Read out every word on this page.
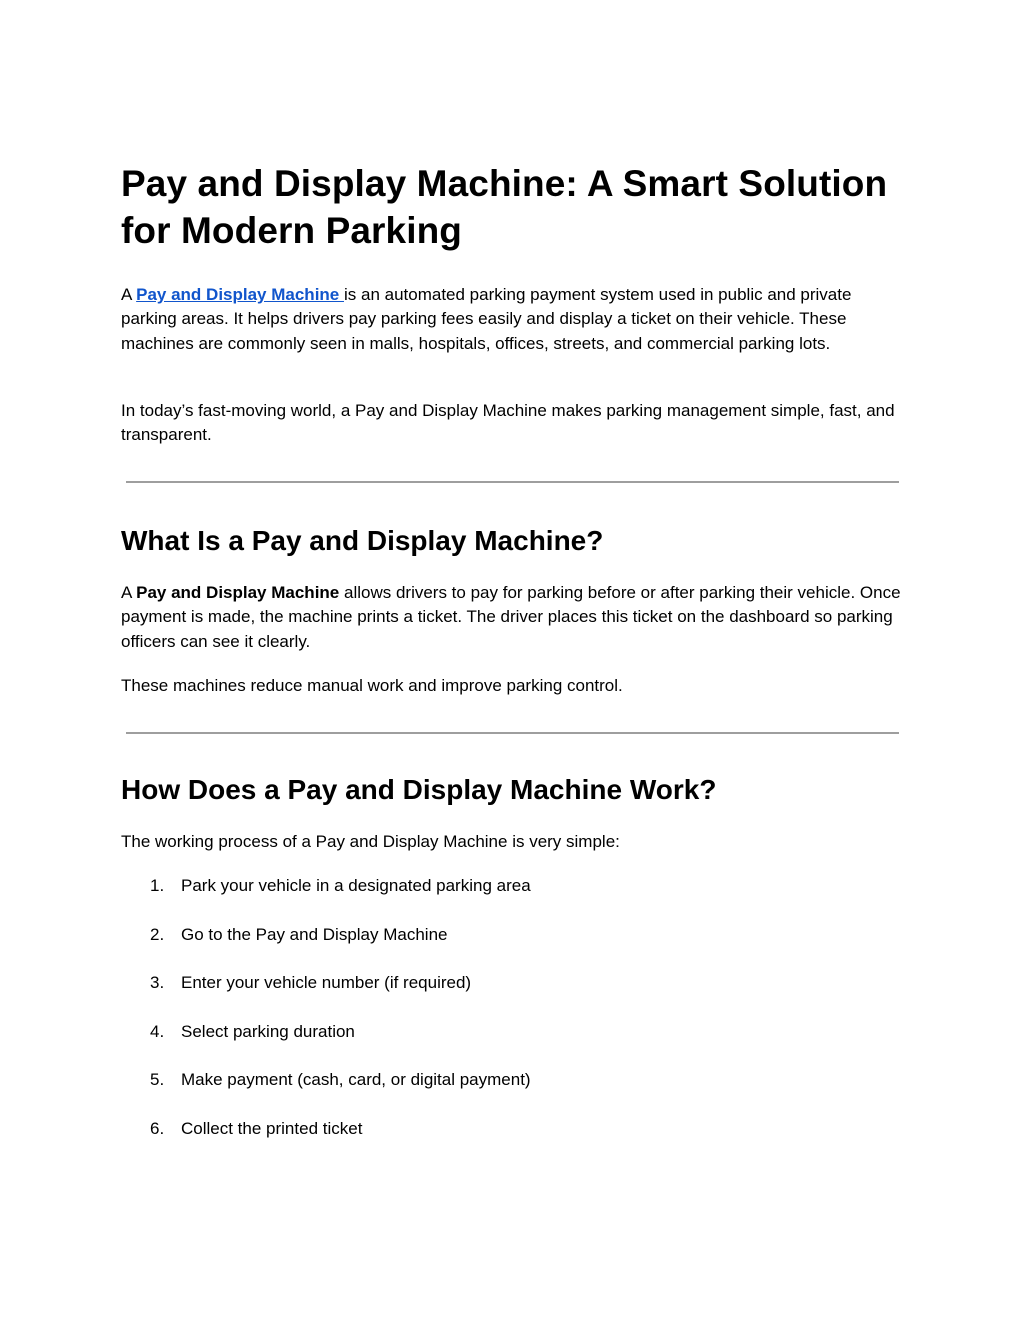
Pay and Display Machine: A Smart Solution for Modern Parking

A Pay and Display Machine is an automated parking payment system used in public and private parking areas. It helps drivers pay parking fees easily and display a ticket on their vehicle. These machines are commonly seen in malls, hospitals, offices, streets, and commercial parking lots.

In today’s fast-moving world, a Pay and Display Machine makes parking management simple, fast, and transparent.

What Is a Pay and Display Machine?

A Pay and Display Machine allows drivers to pay for parking before or after parking their vehicle. Once payment is made, the machine prints a ticket. The driver places this ticket on the dashboard so parking officers can see it clearly.

These machines reduce manual work and improve parking control.

How Does a Pay and Display Machine Work?

The working process of a Pay and Display Machine is very simple:

1. Park your vehicle in a designated parking area
2. Go to the Pay and Display Machine
3. Enter your vehicle number (if required)
4. Select parking duration
5. Make payment (cash, card, or digital payment)
6. Collect the printed ticket
